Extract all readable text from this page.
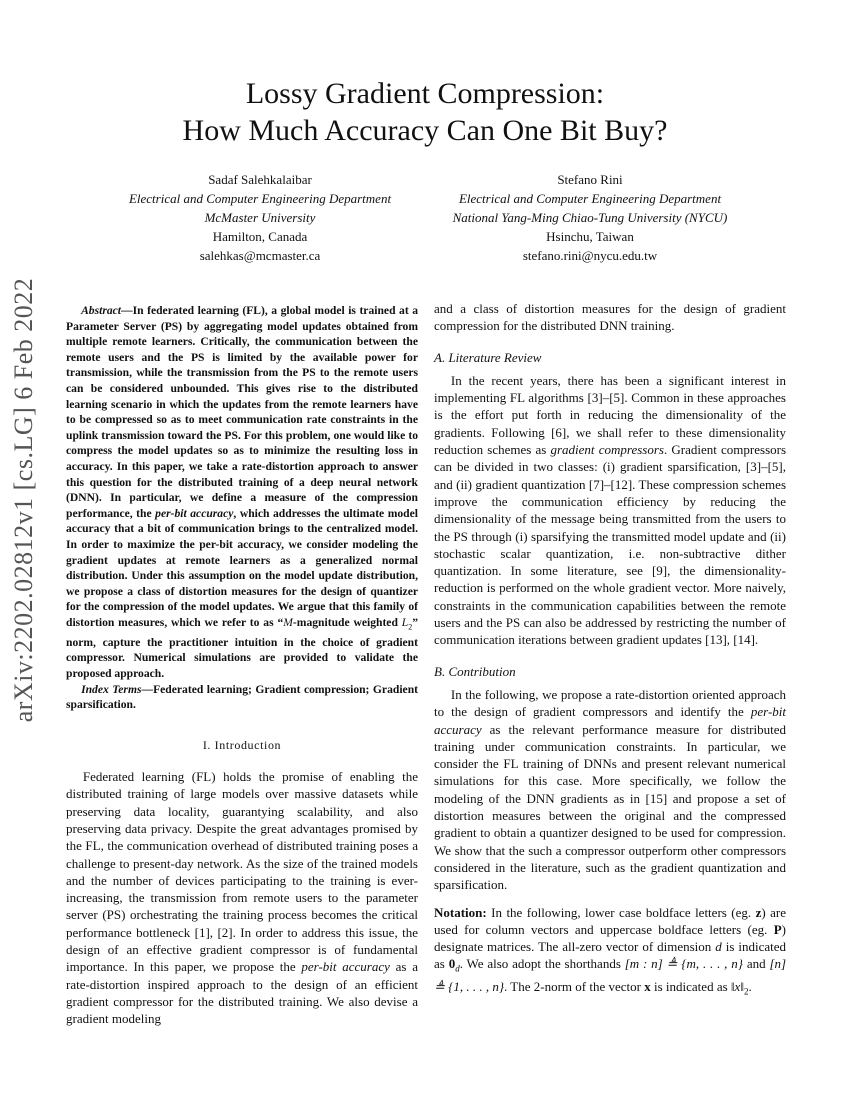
arXiv:2202.02812v1 [cs.LG] 6 Feb 2022
Lossy Gradient Compression:
How Much Accuracy Can One Bit Buy?
Sadaf Salehkalaibar
Electrical and Computer Engineering Department
McMaster University
Hamilton, Canada
salehkas@mcmaster.ca
Stefano Rini
Electrical and Computer Engineering Department
National Yang-Ming Chiao-Tung University (NYCU)
Hsinchu, Taiwan
stefano.rini@nycu.edu.tw

Abstract—In federated learning (FL), a global model is trained at a Parameter Server (PS) by aggregating model updates obtained from multiple remote learners. Critically, the communication between the remote users and the PS is limited by the available power for transmission, while the transmission from the PS to the remote users can be considered unbounded. This gives rise to the distributed learning scenario in which the updates from the remote learners have to be compressed so as to meet communication rate constraints in the uplink transmission toward the PS. For this problem, one would like to compress the model updates so as to minimize the resulting loss in accuracy. In this paper, we take a rate-distortion approach to answer this question for the distributed training of a deep neural network (DNN). In particular, we define a measure of the compression performance, the per-bit accuracy, which addresses the ultimate model accuracy that a bit of communication brings to the centralized model. In order to maximize the per-bit accuracy, we consider modeling the gradient updates at remote learners as a generalized normal distribution. Under this assumption on the model update distribution, we propose a class of distortion measures for the design of quantizer for the compression of the model updates. We argue that this family of distortion measures, which we refer to as “M-magnitude weighted $L_2$” norm, capture the practitioner intuition in the choice of gradient compressor. Numerical simulations are provided to validate the proposed approach.

Index Terms—Federated learning; Gradient compression; Gradient sparsification.

I. Introduction

Federated learning (FL) holds the promise of enabling the distributed training of large models over massive datasets while preserving data locality, guarantying scalability, and also preserving data privacy. Despite the great advantages promised by the FL, the communication overhead of distributed training poses a challenge to present-day network. As the size of the trained models and the number of devices participating to the training is ever-increasing, the transmission from remote users to the parameter server (PS) orchestrating the training process becomes the critical performance bottleneck [1], [2]. In order to address this issue, the design of an effective gradient compressor is of fundamental importance. In this paper, we propose the per-bit accuracy as a rate-distortion inspired approach to the design of an efficient gradient compressor for the distributed training. We also devise a gradient modeling

and a class of distortion measures for the design of gradient compression for the distributed DNN training.

A. Literature Review

In the recent years, there has been a significant interest in implementing FL algorithms [3]–[5]. Common in these approaches is the effort put forth in reducing the dimensionality of the gradients. Following [6], we shall refer to these dimensionality reduction schemes as gradient compressors. Gradient compressors can be divided in two classes: (i) gradient sparsification, [3]–[5], and (ii) gradient quantization [7]–[12]. These compression schemes improve the communication efficiency by reducing the dimensionality of the message being transmitted from the users to the PS through (i) sparsifying the transmitted model update and (ii) stochastic scalar quantization, i.e. non-subtractive dither quantization. In some literature, see [9], the dimensionality-reduction is performed on the whole gradient vector. More naively, constraints in the communication capabilities between the remote users and the PS can also be addressed by restricting the number of communication iterations between gradient updates [13], [14].

B. Contribution

In the following, we propose a rate-distortion oriented approach to the design of gradient compressors and identify the per-bit accuracy as the relevant performance measure for distributed training under communication constraints. In particular, we consider the FL training of DNNs and present relevant numerical simulations for this case. More specifically, we follow the modeling of the DNN gradients as in [15] and propose a set of distortion measures between the original and the compressed gradient to obtain a quantizer designed to be used for compression. We show that the such a compressor outperform other compressors considered in the literature, such as the gradient quantization and sparsification.

Notation: In the following, lower case boldface letters (eg. z) are used for column vectors and uppercase boldface letters (eg. P) designate matrices. The all-zero vector of dimension d is indicated as $0_d$. We also adopt the shorthands [m : n] ≜ {m, . . . , n} and [n] ≜ {1, . . . , n}. The 2-norm of the vector x is indicated as $‖x‖_2$.
